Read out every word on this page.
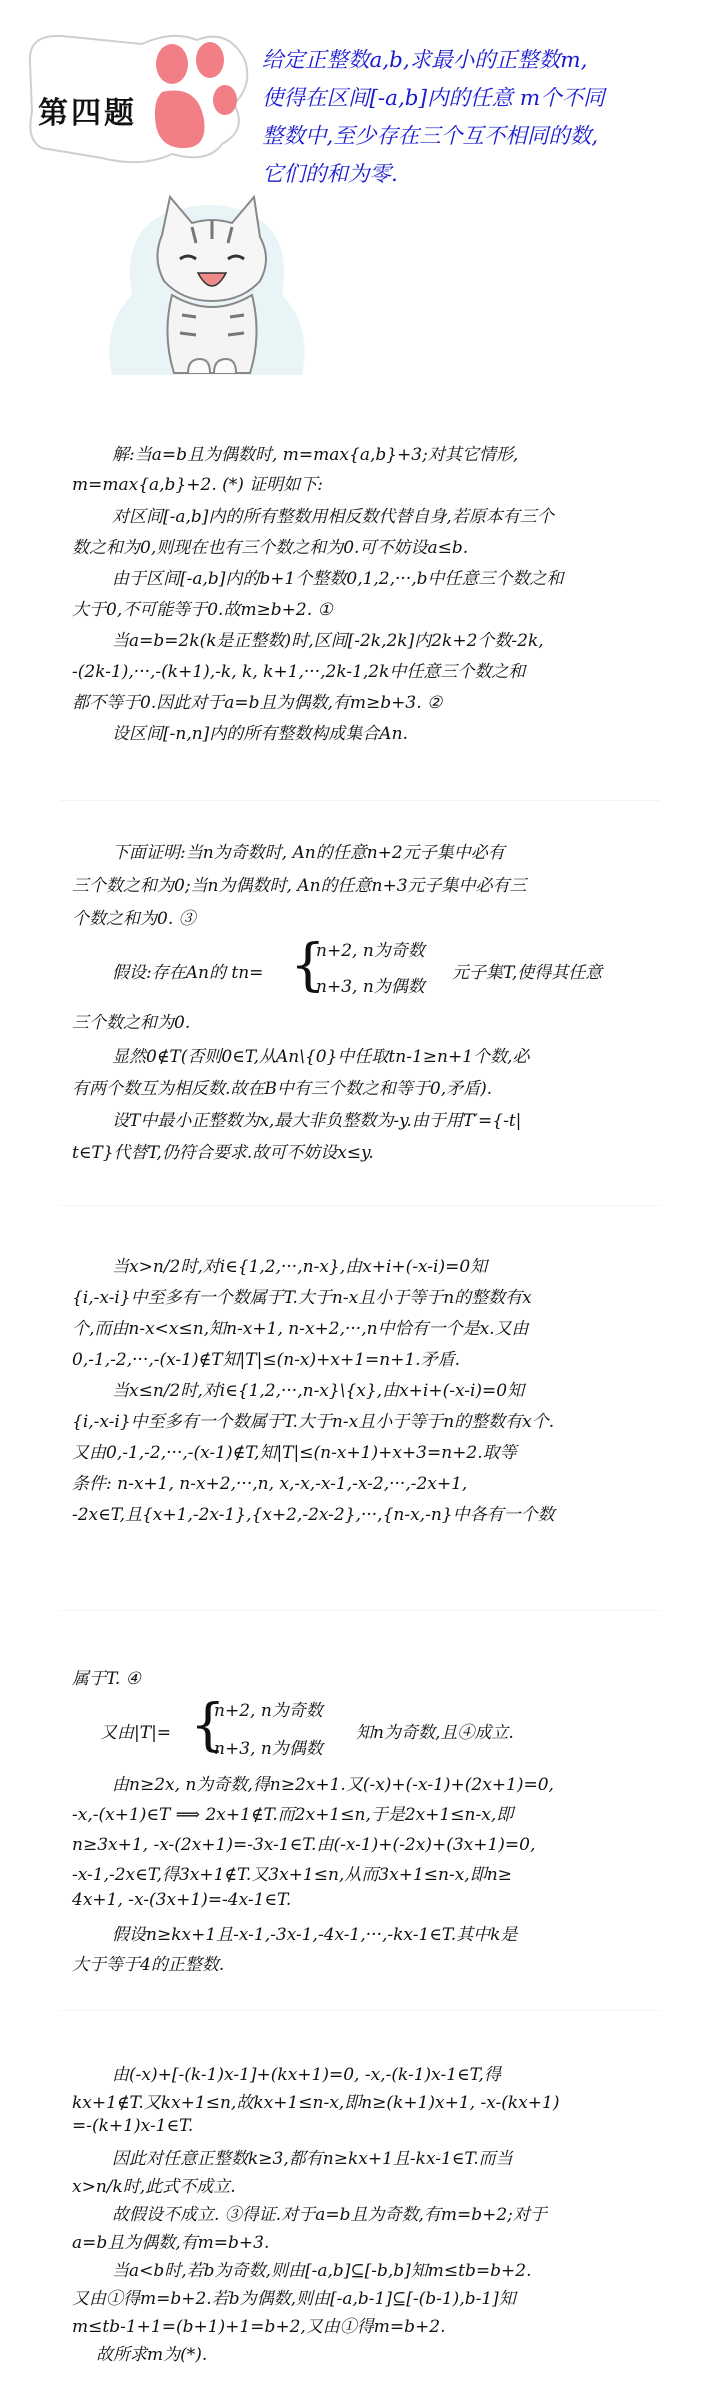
第四题

给定正整数a,b,求最小的正整数m,

使得在区间[-a,b]内的任意 m个不同

整数中,至少存在三个互不相同的数,

它们的和为零.

解:当a=b且为偶数时, m=max{a,b}+3;对其它情形,
m=max{a,b}+2. (*) 证明如下:
对区间[-a,b]内的所有整数用相反数代替自身,若原本有三个
数之和为0,则现在也有三个数之和为0.可不妨设a≤b.
由于区间[-a,b]内的b+1个整数0,1,2,···,b中任意三个数之和
大于0,不可能等于0.故m≥b+2. ①
当a=b=2k(k是正整数)时,区间[-2k,2k]内2k+2个数-2k,
-(2k-1),···,-(k+1),-k, k, k+1,···,2k-1,2k中任意三个数之和
都不等于0.因此对于a=b且为偶数,有m≥b+3. ②
设区间[-n,n]内的所有整数构成集合An.
下面证明:当n为奇数时, An的任意n+2元子集中必有
三个数之和为0;当n为偶数时, An的任意n+3元子集中必有三
个数之和为0. ③
假设:存在An的 tn= {
n+2, n为奇数
n+3, n为偶数
元子集T,使得其任意
三个数之和为0.
显然0∉T(否则0∈T,从An\{0}中任取tn-1≥n+1个数,必
有两个数互为相反数.故在B中有三个数之和等于0,矛盾).
设T中最小正整数为x,最大非负整数为-y.由于用T′={-t|
t∈T}代替T,仍符合要求.故可不妨设x≤y.
当x>n/2时,对i∈{1,2,···,n-x},由x+i+(-x-i)=0知
{i,-x-i}中至多有一个数属于T.大于n-x且小于等于n的整数有x
个,而由n-x<x≤n,知n-x+1, n-x+2,···,n中恰有一个是x.又由
0,-1,-2,···,-(x-1)∉T知|T|≤(n-x)+x+1=n+1.矛盾.
当x≤n/2时,对i∈{1,2,···,n-x}\{x},由x+i+(-x-i)=0知
{i,-x-i}中至多有一个数属于T.大于n-x且小于等于n的整数有x个.
又由0,-1,-2,···,-(x-1)∉T,知|T|≤(n-x+1)+x+3=n+2.取等
条件: n-x+1, n-x+2,···,n, x,-x,-x-1,-x-2,···,-2x+1,
-2x∈T,且{x+1,-2x-1},{x+2,-2x-2},···,{n-x,-n}中各有一个数
属于T. ④
又由|T|= {
n+2, n为奇数
n+3, n为偶数
知n为奇数,且④成立.
由n≥2x, n为奇数,得n≥2x+1.又(-x)+(-x-1)+(2x+1)=0,
-x,-(x+1)∈T ⟹ 2x+1∉T.而2x+1≤n,于是2x+1≤n-x,即
n≥3x+1, -x-(2x+1)=-3x-1∈T.由(-x-1)+(-2x)+(3x+1)=0,
-x-1,-2x∈T,得3x+1∉T.又3x+1≤n,从而3x+1≤n-x,即n≥
4x+1, -x-(3x+1)=-4x-1∈T.
假设n≥kx+1且-x-1,-3x-1,-4x-1,···,-kx-1∈T.其中k是
大于等于4的正整数.
由(-x)+[-(k-1)x-1]+(kx+1)=0, -x,-(k-1)x-1∈T,得
kx+1∉T.又kx+1≤n,故kx+1≤n-x,即n≥(k+1)x+1, -x-(kx+1)
=-(k+1)x-1∈T.
因此对任意正整数k≥3,都有n≥kx+1且-kx-1∈T.而当
x>n/k时,此式不成立.
故假设不成立. ③得证.对于a=b且为奇数,有m=b+2;对于
a=b且为偶数,有m=b+3.
当a<b时,若b为奇数,则由[-a,b]⊆[-b,b]知m≤tb=b+2.
又由①得m=b+2.若b为偶数,则由[-a,b-1]⊆[-(b-1),b-1]知
m≤tb-1+1=(b+1)+1=b+2,又由①得m=b+2.
故所求m为(*).
